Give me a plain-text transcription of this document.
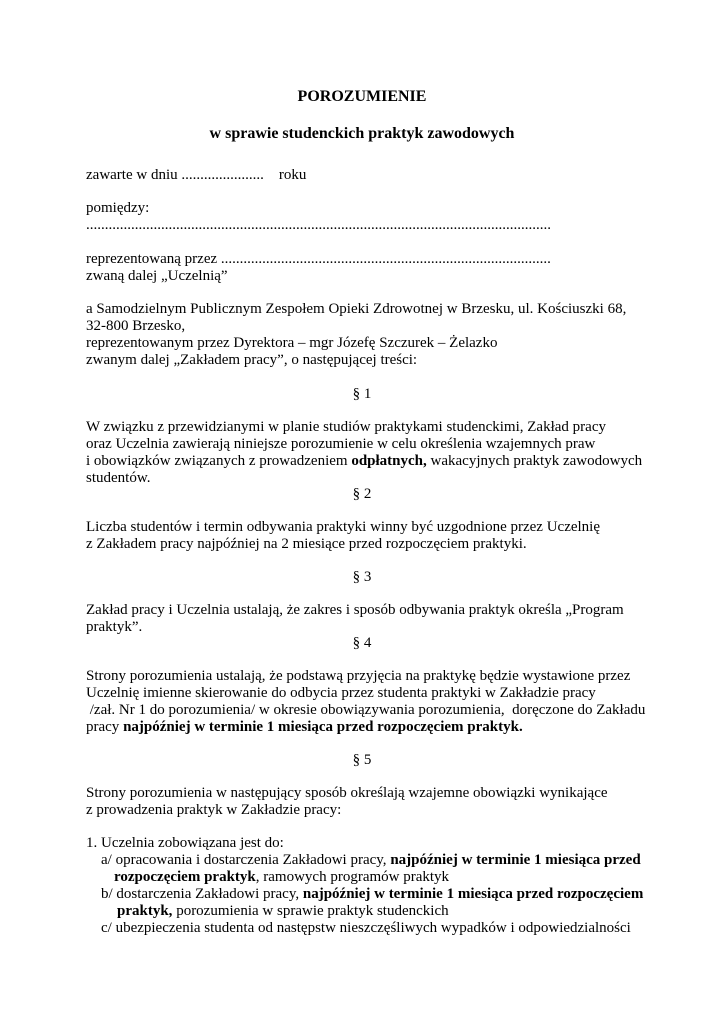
POROZUMIENIE
w sprawie studenckich praktyk zawodowych
zawarte w dniu ...................... roku
pomiędzy:
............................................................................................................................
reprezentowaną przez ........................................................................................
zwaną dalej „Uczelnią”
a Samodzielnym Publicznym Zespołem Opieki Zdrowotnej w Brzesku, ul. Kościuszki 68,
32-800 Brzesko,
reprezentowanym przez Dyrektora – mgr Józefę Szczurek – Żelazko
zwanym dalej „Zakładem pracy”, o następującej treści:
§ 1
W związku z przewidzianymi w planie studiów praktykami studenckimi, Zakład pracy
oraz Uczelnia zawierają niniejsze porozumienie w celu określenia wzajemnych praw
i obowiązków związanych z prowadzeniem odpłatnych, wakacyjnych praktyk zawodowych
studentów.
§ 2
Liczba studentów i termin odbywania praktyki winny być uzgodnione przez Uczelnię
z Zakładem pracy najpóźniej na 2 miesiące przed rozpoczęciem praktyki.
§ 3
Zakład pracy i Uczelnia ustalają, że zakres i sposób odbywania praktyk określa „Program
praktyk”.
§ 4
Strony porozumienia ustalają, że podstawą przyjęcia na praktykę będzie wystawione przez
Uczelnię imienne skierowanie do odbycia przez studenta praktyki w Zakładzie pracy
/zał. Nr 1 do porozumienia/ w okresie obowiązywania porozumienia,  doręczone do Zakładu
pracy najpóźniej w terminie 1 miesiąca przed rozpoczęciem praktyk.
§ 5
Strony porozumienia w następujący sposób określają wzajemne obowiązki wynikające
z prowadzenia praktyk w Zakładzie pracy:
1. Uczelnia zobowiązana jest do:
a/ opracowania i dostarczenia Zakładowi pracy, najpóźniej w terminie 1 miesiąca przed
rozpoczęciem praktyk, ramowych programów praktyk
b/ dostarczenia Zakładowi pracy, najpóźniej w terminie 1 miesiąca przed rozpoczęciem
praktyk, porozumienia w sprawie praktyk studenckich
c/ ubezpieczenia studenta od następstw nieszczęśliwych wypadków i odpowiedzialności
